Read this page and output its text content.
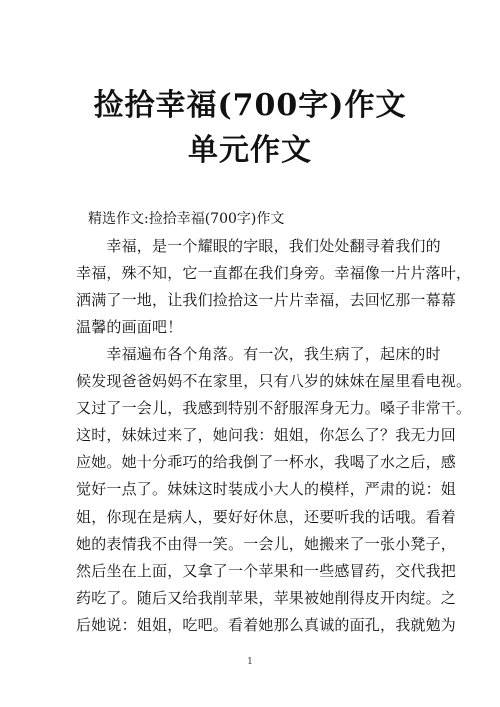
捡拾幸福(700字)作文
单元作文
精选作文:捡拾幸福(700字)作文
　　幸福，是一个耀眼的字眼，我们处处翻寻着我们的
幸福，殊不知，它一直都在我们身旁。幸福像一片片落叶，
洒满了一地，让我们捡拾这一片片幸福，去回忆那一幕幕
温馨的画面吧！
　　幸福遍布各个角落。有一次，我生病了，起床的时
候发现爸爸妈妈不在家里，只有八岁的妹妹在屋里看电视。
又过了一会儿，我感到特别不舒服浑身无力。嗓子非常干。
这时，妹妹过来了，她问我：姐姐，你怎么了？我无力回
应她。她十分乖巧的给我倒了一杯水，我喝了水之后，感
觉好一点了。妹妹这时装成小大人的模样，严肃的说：姐
姐，你现在是病人，要好好休息，还要听我的话哦。看着
她的表情我不由得一笑。一会儿，她搬来了一张小凳子，
然后坐在上面，又拿了一个苹果和一些感冒药，交代我把
药吃了。随后又给我削苹果，苹果被她削得皮开肉绽。之
后她说：姐姐，吃吧。看着她那么真诚的面孔，我就勉为
1
